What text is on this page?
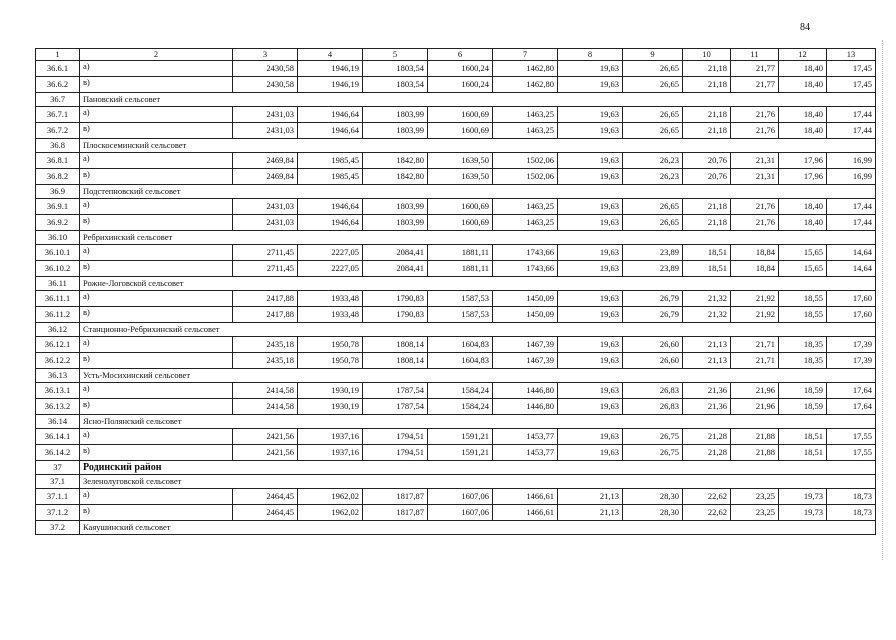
84
1	2	3	4	5	6	7	8	9	10	11	12	13
36.6.1	а)	2430,58	1946,19	1803,54	1600,24	1462,80	19,63	26,65	21,18	21,77	18,40	17,45
36.6.2	в)	2430,58	1946,19	1803,54	1600,24	1462,80	19,63	26,65	21,18	21,77	18,40	17,45
36.7	Пановский сельсовет											
36.7.1	а)	2431,03	1946,64	1803,99	1600,69	1463,25	19,63	26,65	21,18	21,76	18,40	17,44
36.7.2	в)	2431,03	1946,64	1803,99	1600,69	1463,25	19,63	26,65	21,18	21,76	18,40	17,44
36.8	Плоскосеминский сельсовет											
36.8.1	а)	2469,84	1985,45	1842,80	1639,50	1502,06	19,63	26,23	20,76	21,31	17,96	16,99
36.8.2	в)	2469,84	1985,45	1842,80	1639,50	1502,06	19,63	26,23	20,76	21,31	17,96	16,99
36.9	Подстепновский сельсовет											
36.9.1	а)	2431,03	1946,64	1803,99	1600,69	1463,25	19,63	26,65	21,18	21,76	18,40	17,44
36.9.2	в)	2431,03	1946,64	1803,99	1600,69	1463,25	19,63	26,65	21,18	21,76	18,40	17,44
36.10	Ребрихинский сельсовет											
36.10.1	а)	2711,45	2227,05	2084,41	1881,11	1743,66	19,63	23,89	18,51	18,84	15,65	14,64
36.10.2	в)	2711,45	2227,05	2084,41	1881,11	1743,66	19,63	23,89	18,51	18,84	15,65	14,64
36.11	Рожне-Логовской сельсовет											
36.11.1	а)	2417,88	1933,48	1790,83	1587,53	1450,09	19,63	26,79	21,32	21,92	18,55	17,60
36.11.2	в)	2417,88	1933,48	1790,83	1587,53	1450,09	19,63	26,79	21,32	21,92	18,55	17,60
36.12	Станционно-Ребрихинский сельсовет											
36.12.1	а)	2435,18	1950,78	1808,14	1604,83	1467,39	19,63	26,60	21,13	21,71	18,35	17,39
36.12.2	в)	2435,18	1950,78	1808,14	1604,83	1467,39	19,63	26,60	21,13	21,71	18,35	17,39
36.13	Усть-Мосихинский сельсовет											
36.13.1	а)	2414,58	1930,19	1787,54	1584,24	1446,80	19,63	26,83	21,36	21,96	18,59	17,64
36.13.2	в)	2414,58	1930,19	1787,54	1584,24	1446,80	19,63	26,83	21,36	21,96	18,59	17,64
36.14	Ясно-Полянский сельсовет											
36.14.1	а)	2421,56	1937,16	1794,51	1591,21	1453,77	19,63	26,75	21,28	21,88	18,51	17,55
36.14.2	в)	2421,56	1937,16	1794,51	1591,21	1453,77	19,63	26,75	21,28	21,88	18,51	17,55
37	Родинский район											
37.1	Зеленолуговской сельсовет											
37.1.1	а)	2464,45	1962,02	1817,87	1607,06	1466,61	21,13	28,30	22,62	23,25	19,73	18,73
37.1.2	в)	2464,45	1962,02	1817,87	1607,06	1466,61	21,13	28,30	22,62	23,25	19,73	18,73
37.2	Каяушинский сельсовет											
